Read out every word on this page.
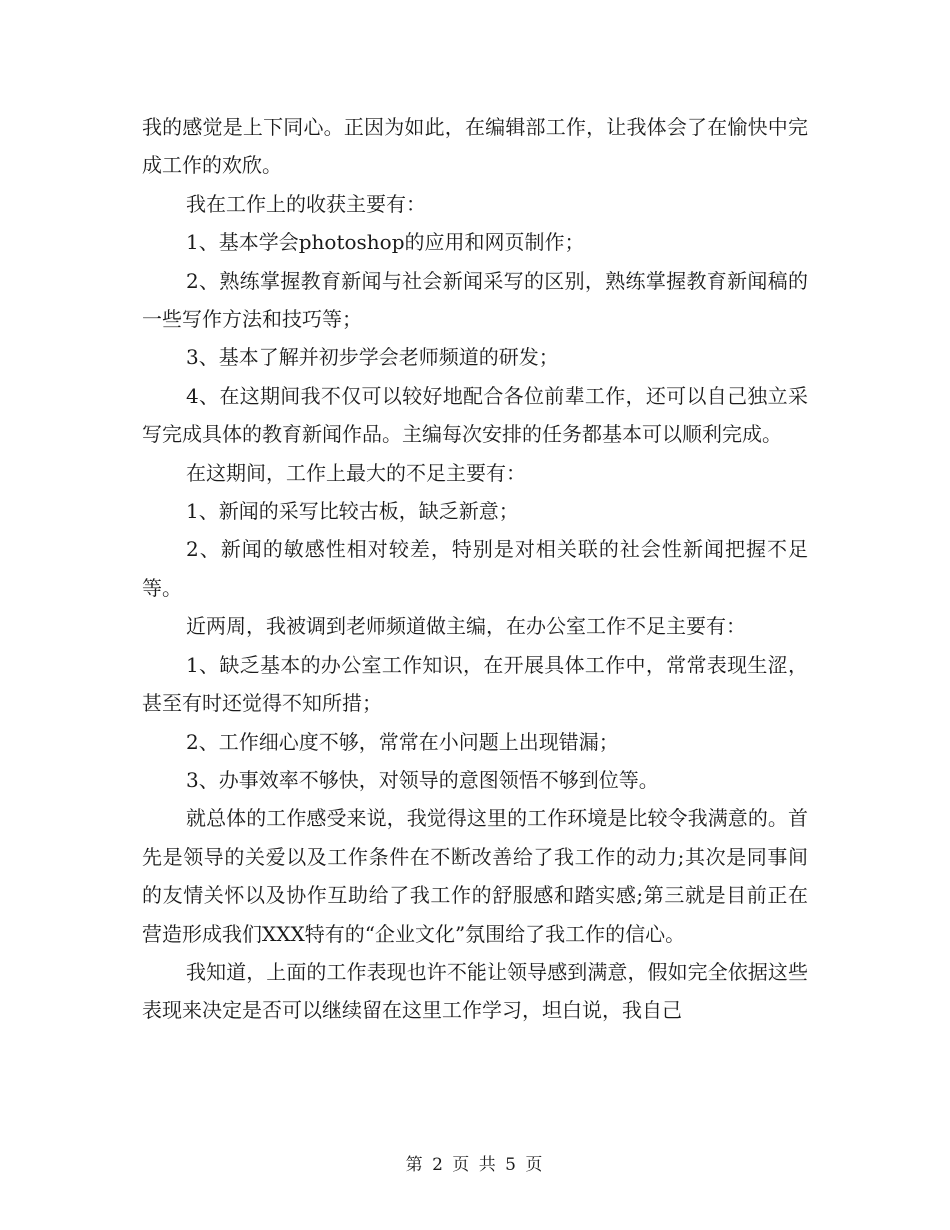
我的感觉是上下同心。正因为如此，在编辑部工作，让我体会了在愉快中完成工作的欢欣。

我在工作上的收获主要有：

1、基本学会photoshop的应用和网页制作；

2、熟练掌握教育新闻与社会新闻采写的区别，熟练掌握教育新闻稿的一些写作方法和技巧等；

3、基本了解并初步学会老师频道的研发；

4、在这期间我不仅可以较好地配合各位前辈工作，还可以自己独立采写完成具体的教育新闻作品。主编每次安排的任务都基本可以顺利完成。

在这期间，工作上最大的不足主要有：

1、新闻的采写比较古板，缺乏新意；

2、新闻的敏感性相对较差，特别是对相关联的社会性新闻把握不足等。

近两周，我被调到老师频道做主编，在办公室工作不足主要有：

1、缺乏基本的办公室工作知识，在开展具体工作中，常常表现生涩，甚至有时还觉得不知所措；

2、工作细心度不够，常常在小问题上出现错漏；

3、办事效率不够快，对领导的意图领悟不够到位等。

就总体的工作感受来说，我觉得这里的工作环境是比较令我满意的。首先是领导的关爱以及工作条件在不断改善给了我工作的动力;其次是同事间的友情关怀以及协作互助给了我工作的舒服感和踏实感;第三就是目前正在营造形成我们XXX特有的“企业文化”氛围给了我工作的信心。

我知道，上面的工作表现也许不能让领导感到满意，假如完全依据这些表现来决定是否可以继续留在这里工作学习，坦白说，我自己

第 2 页 共 5 页
